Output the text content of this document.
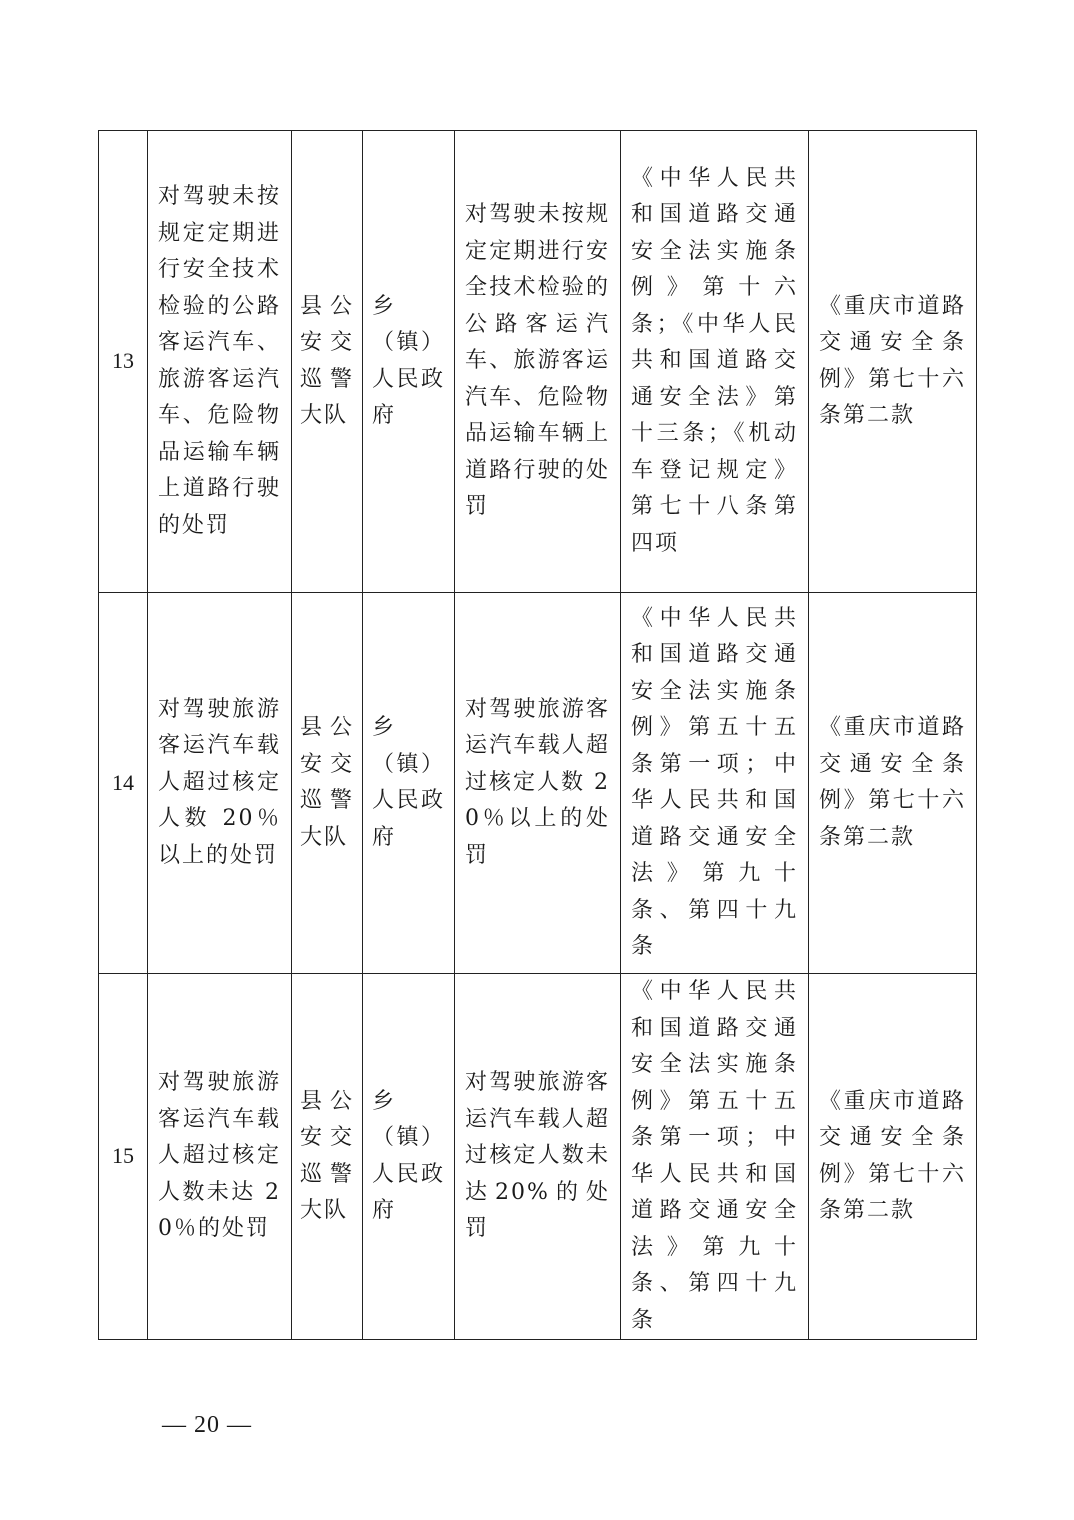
13	对驾驶未按规定定期进行安全技术检验的公路客运汽车、旅游客运汽车、危险物品运输车辆上道路行驶的处罚	县公安交巡警大队	乡（镇）人民政府	对驾驶未按规定定期进行安全技术检验的公路客运汽车、旅游客运汽车、危险物品运输车辆上道路行驶的处罚	《中华人民共和国道路交通安全法实施条例》第十六条；《中华人民共和国道路交通安全法》第十三条；《机动车登记规定》第七十八条第四项	《重庆市道路交通安全条例》第七十六条第二款
14	对驾驶旅游客运汽车载人超过核定人数 20％以上的处罚	县公安交巡警大队	乡（镇）人民政府	对驾驶旅游客运汽车载人超过核定人数 20％以上的处罚	《中华人民共和国道路交通安全法实施条例》第五十五条第一项；中华人民共和国道路交通安全法》第九十条、第四十九条	《重庆市道路交通安全条例》第七十六条第二款
15	对驾驶旅游客运汽车载人超过核定人数未达 20％的处罚	县公安交巡警大队	乡（镇）人民政府	对驾驶旅游客运汽车载人超过核定人数未达20%的处罚	《中华人民共和国道路交通安全法实施条例》第五十五条第一项；中华人民共和国道路交通安全法》第九十条、第四十九条	《重庆市道路交通安全条例》第七十六条第二款
— 20 —
